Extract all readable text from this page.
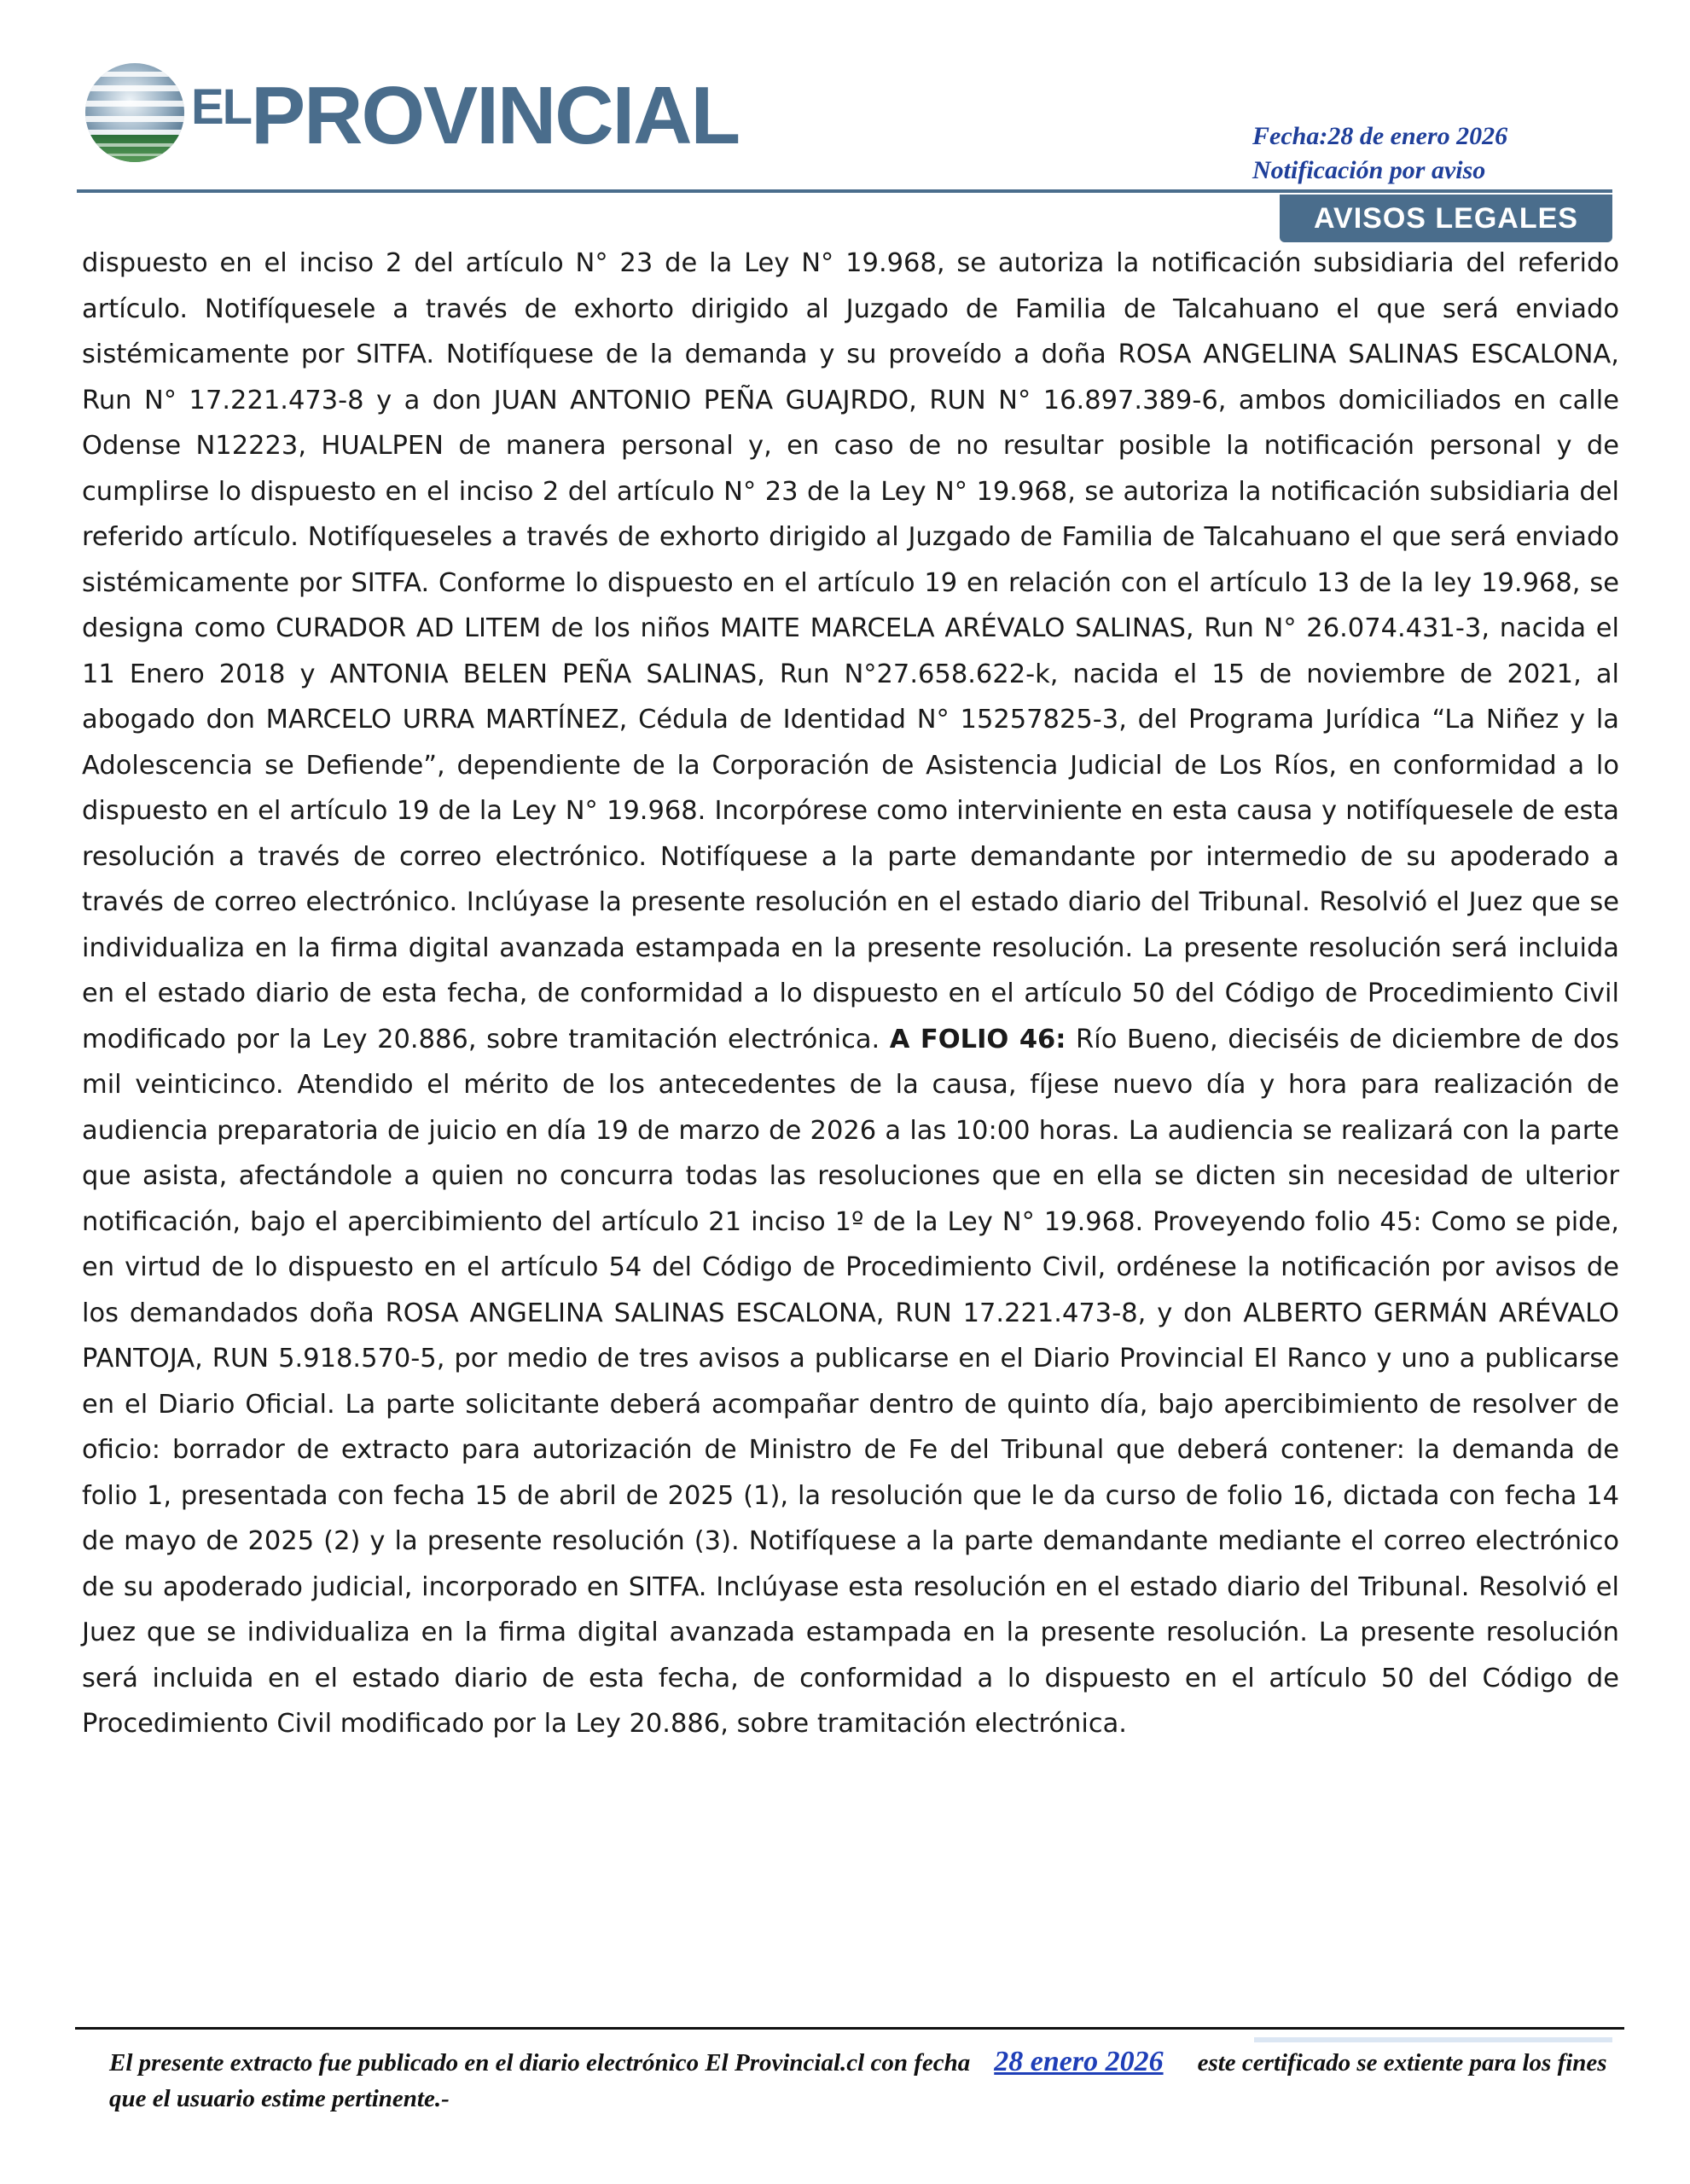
ELPROVINCIAL	Fecha:28 de enero 2026
Notificación por aviso
AVISOS LEGALES

dispuesto en el inciso 2 del artículo N° 23 de la Ley N° 19.968, se autoriza la notificación subsidiaria del referido artículo. Notifíquesele a través de exhorto dirigido al Juzgado de Familia de Talcahuano el que será enviado sistémicamente por SITFA. Notifíquese de la demanda y su proveído a doña ROSA ANGELINA SALINAS ESCALONA, Run N° 17.221.473-8 y a don JUAN ANTONIO PEÑA GUAJRDO, RUN N° 16.897.389-6, ambos domiciliados en calle Odense N12223, HUALPEN de manera personal y, en caso de no resultar posible la notificación personal y de cumplirse lo dispuesto en el inciso 2 del artículo N° 23 de la Ley N° 19.968, se autoriza la notificación subsidiaria del referido artículo. Notifíqueseles a través de exhorto dirigido al Juzgado de Familia de Talcahuano el que será enviado sistémicamente por SITFA. Conforme lo dispuesto en el artículo 19 en relación con el artículo 13 de la ley 19.968, se designa como CURADOR AD LITEM de los niños MAITE MARCELA ARÉVALO SALINAS, Run N° 26.074.431-3, nacida el 11 Enero 2018 y ANTONIA BELEN PEÑA SALINAS, Run N°27.658.622-k, nacida el 15 de noviembre de 2021, al abogado don MARCELO URRA MARTÍNEZ, Cédula de Identidad N° 15257825-3, del Programa Jurídica “La Niñez y la Adolescencia se Defiende”, dependiente de la Corporación de Asistencia Judicial de Los Ríos, en conformidad a lo dispuesto en el artículo 19 de la Ley N° 19.968. Incorpórese como interviniente en esta causa y notifíquesele de esta resolución a través de correo electrónico. Notifíquese a la parte demandante por intermedio de su apoderado a través de correo electrónico. Inclúyase la presente resolución en el estado diario del Tribunal. Resolvió el Juez que se individualiza en la firma digital avanzada estampada en la presente resolución. La presente resolución será incluida en el estado diario de esta fecha, de conformidad a lo dispuesto en el artículo 50 del Código de Procedimiento Civil modificado por la Ley 20.886, sobre tramitación electrónica. A FOLIO 46: Río Bueno, dieciséis de diciembre de dos mil veinticinco. Atendido el mérito de los antecedentes de la causa, fíjese nuevo día y hora para realización de audiencia preparatoria de juicio en día 19 de marzo de 2026 a las 10:00 horas. La audiencia se realizará con la parte que asista, afectándole a quien no concurra todas las resoluciones que en ella se dicten sin necesidad de ulterior notificación, bajo el apercibimiento del artículo 21 inciso 1º de la Ley N° 19.968. Proveyendo folio 45: Como se pide, en virtud de lo dispuesto en el artículo 54 del Código de Procedimiento Civil, ordénese la notificación por avisos de los demandados doña ROSA ANGELINA SALINAS ESCALONA, RUN 17.221.473-8, y don ALBERTO GERMÁN ARÉVALO PANTOJA, RUN 5.918.570-5, por medio de tres avisos a publicarse en el Diario Provincial El Ranco y uno a publicarse en el Diario Oficial. La parte solicitante deberá acompañar dentro de quinto día, bajo apercibimiento de resolver de oficio: borrador de extracto para autorización de Ministro de Fe del Tribunal que deberá contener: la demanda de folio 1, presentada con fecha 15 de abril de 2025 (1), la resolución que le da curso de folio 16, dictada con fecha 14 de mayo de 2025 (2) y la presente resolución (3). Notifíquese a la parte demandante mediante el correo electrónico de su apoderado judicial, incorporado en SITFA. Inclúyase esta resolución en el estado diario del Tribunal. Resolvió el Juez que se individualiza en la firma digital avanzada estampada en la presente resolución. La presente resolución será incluida en el estado diario de esta fecha, de conformidad a lo dispuesto en el artículo 50 del Código de Procedimiento Civil modificado por la Ley 20.886, sobre tramitación electrónica.

El presente extracto fue publicado en el diario electrónico El Provincial.cl con fecha 28 enero 2026 este certificado se extiente para los fines que el usuario estime pertinente.-
